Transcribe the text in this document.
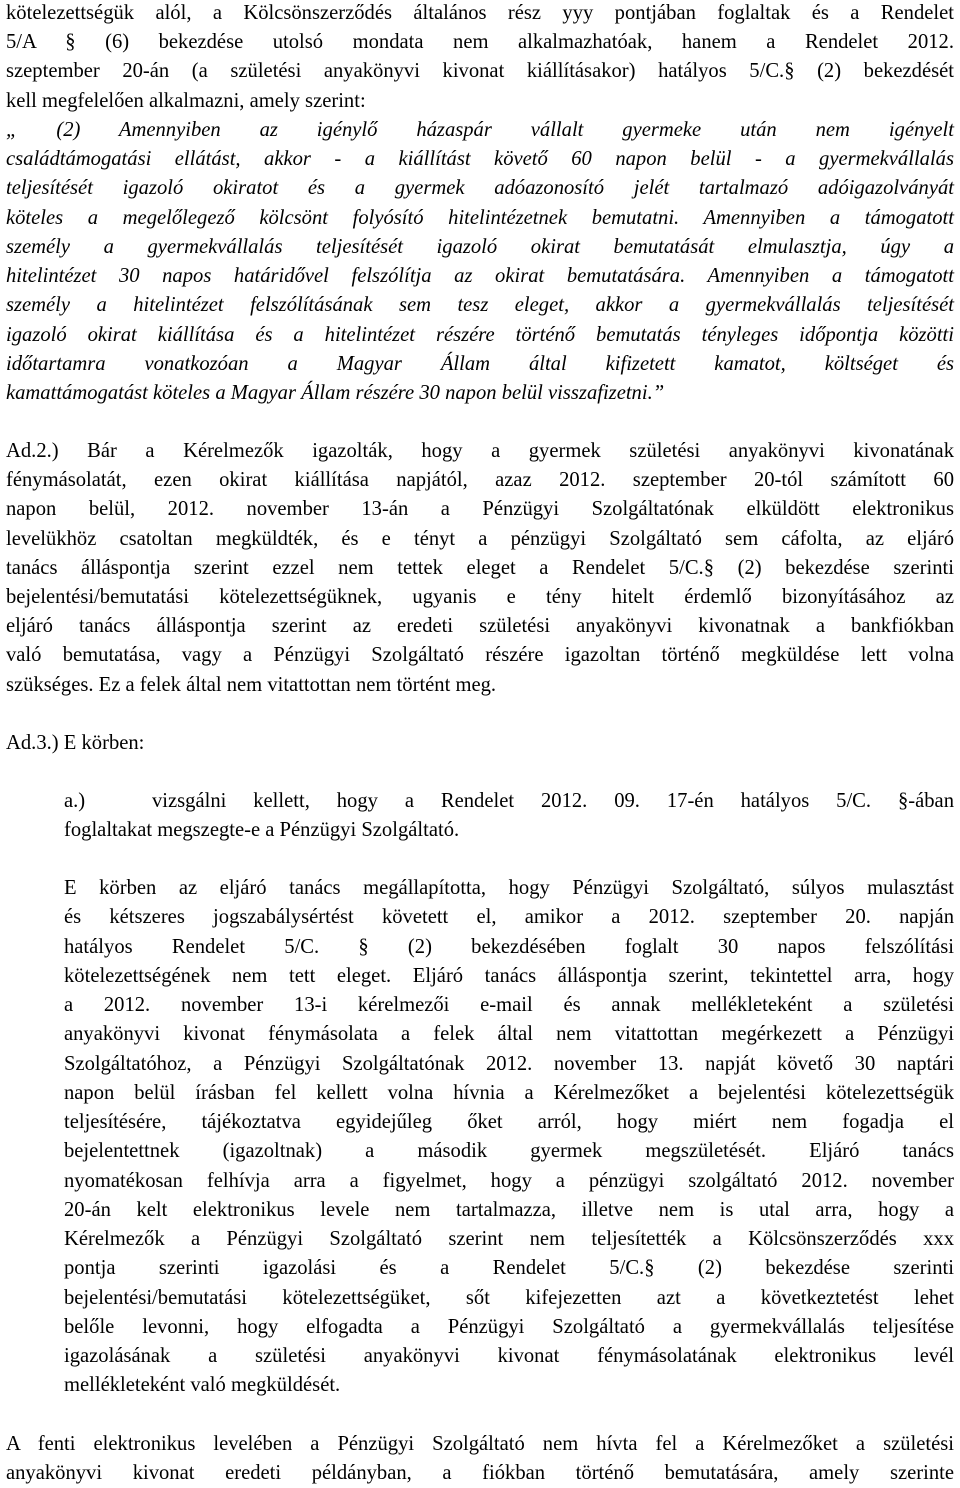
kötelezettségük alól, a Kölcsönszerződés általános rész yyy pontjában foglaltak és a Rendelet
5/A § (6) bekezdése utolsó mondata nem alkalmazhatóak, hanem a Rendelet 2012.
szeptember 20-án (a születési anyakönyvi kivonat kiállításakor) hatályos 5/C.§ (2) bekezdését
kell megfelelően alkalmazni, amely szerint:
„ (2) Amennyiben az igénylő házaspár vállalt gyermeke után nem igényelt
családtámogatási ellátást, akkor - a kiállítást követő 60 napon belül - a gyermekvállalás
teljesítését igazoló okiratot és a gyermek adóazonosító jelét tartalmazó adóigazolványát
köteles a megelőlegező kölcsönt folyósító hitelintézetnek bemutatni. Amennyiben a támogatott
személy a gyermekvállalás teljesítését igazoló okirat bemutatását elmulasztja, úgy a
hitelintézet 30 napos határidővel felszólítja az okirat bemutatására. Amennyiben a támogatott
személy a hitelintézet felszólításának sem tesz eleget, akkor a gyermekvállalás teljesítését
igazoló okirat kiállítása és a hitelintézet részére történő bemutatás tényleges időpontja közötti
időtartamra vonatkozóan a Magyar Állam által kifizetett kamatot, költséget és
kamattámogatást köteles a Magyar Állam részére 30 napon belül visszafizetni.”
Ad.2.) Bár a Kérelmezők igazolták, hogy a gyermek születési anyakönyvi kivonatának
fénymásolatát, ezen okirat kiállítása napjától, azaz 2012. szeptember 20-tól számított 60
napon belül, 2012. november 13-án a Pénzügyi Szolgáltatónak elküldött elektronikus
levelükhöz csatoltan megküldték, és e tényt a pénzügyi Szolgáltató sem cáfolta, az eljáró
tanács álláspontja szerint ezzel nem tettek eleget a Rendelet 5/C.§ (2) bekezdése szerinti
bejelentési/bemutatási kötelezettségüknek, ugyanis e tény hitelt érdemlő bizonyításához az
eljáró tanács álláspontja szerint az eredeti születési anyakönyvi kivonatnak a bankfiókban
való bemutatása, vagy a Pénzügyi Szolgáltató részére igazoltan történő megküldése lett volna
szükséges. Ez a felek által nem vitattottan nem történt meg.
Ad.3.) E körben:
a.)	vizsgálni kellett, hogy a Rendelet 2012. 09. 17-én hatályos 5/C. §-ában
foglaltakat megszegte-e a Pénzügyi Szolgáltató.
E körben az eljáró tanács megállapította, hogy Pénzügyi Szolgáltató, súlyos mulasztást
és kétszeres jogszabálysértést követett el, amikor a 2012. szeptember 20. napján
hatályos Rendelet 5/C. § (2) bekezdésében foglalt 30 napos felszólítási
kötelezettségének nem tett eleget. Eljáró tanács álláspontja szerint, tekintettel arra, hogy
a 2012. november 13-i kérelmezői e-mail és annak mellékleteként a születési
anyakönyvi kivonat fénymásolata a felek által nem vitattottan megérkezett a Pénzügyi
Szolgáltatóhoz, a Pénzügyi Szolgáltatónak 2012. november 13. napját követő 30 naptári
napon belül írásban fel kellett volna hívnia a Kérelmezőket a bejelentési kötelezettségük
teljesítésére, tájékoztatva egyidejűleg őket arról, hogy miért nem fogadja el
bejelentettnek (igazoltnak) a második gyermek megszületését. Eljáró tanács
nyomatékosan felhívja arra a figyelmet, hogy a pénzügyi szolgáltató 2012. november
20-án kelt elektronikus levele nem tartalmazza, illetve nem is utal arra, hogy a
Kérelmezők a Pénzügyi Szolgáltató szerint nem teljesítették a Kölcsönszerződés xxx
pontja szerinti igazolási és a Rendelet 5/C.§ (2) bekezdése szerinti
bejelentési/bemutatási kötelezettségüket, sőt kifejezetten azt a következtetést lehet
belőle levonni, hogy elfogadta a Pénzügyi Szolgáltató a gyermekvállalás teljesítése
igazolásának a születési anyakönyvi kivonat fénymásolatának elektronikus levél
mellékleteként való megküldését.
A fenti elektronikus levelében a Pénzügyi Szolgáltató nem hívta fel a Kérelmezőket a születési
anyakönyvi kivonat eredeti példányban, a fiókban történő bemutatására, amely szerinte
